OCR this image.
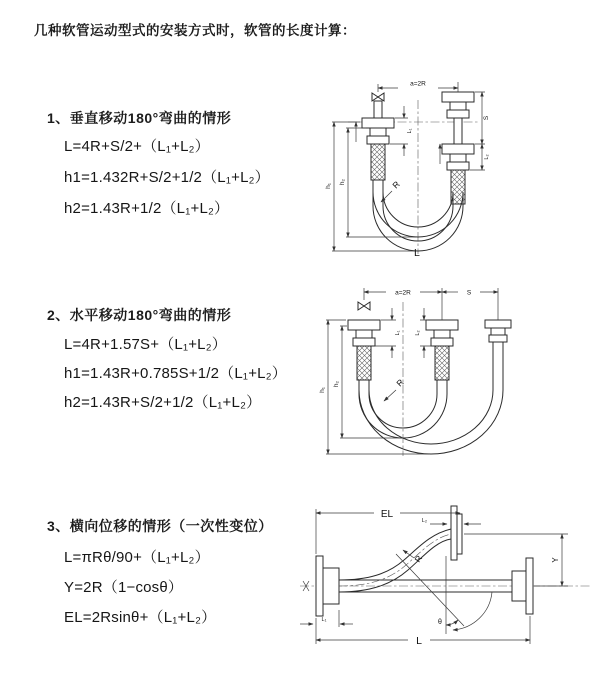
几种软管运动型式的安装方式时，软管的长度计算：
1、垂直移动180°弯曲的情形
L=4R+S/2+（L₁+L₂）
h1=1.432R+S/2+1/2（L₁+L₂）
h2=1.43R+1/2（L₁+L₂）
2、水平移动180°弯曲的情形
L=4R+1.57S+（L₁+L₂）
h1=1.43R+0.785S+1/2（L₁+L₂）
h2=1.43R+S/2+1/2（L₁+L₂）
3、横向位移的情形（一次性变位）
L=πRθ/90+（L₁+L₂）
Y=2R（1−cosθ）
EL=2Rsinθ+（L₁+L₂）
a=2R
h₁
h₂
L₁
S
L₂
R
L
a=2R	S
h₁
h₂
L₁	L₂
R
EL
L₂
Y
L
L₁
R
θ
